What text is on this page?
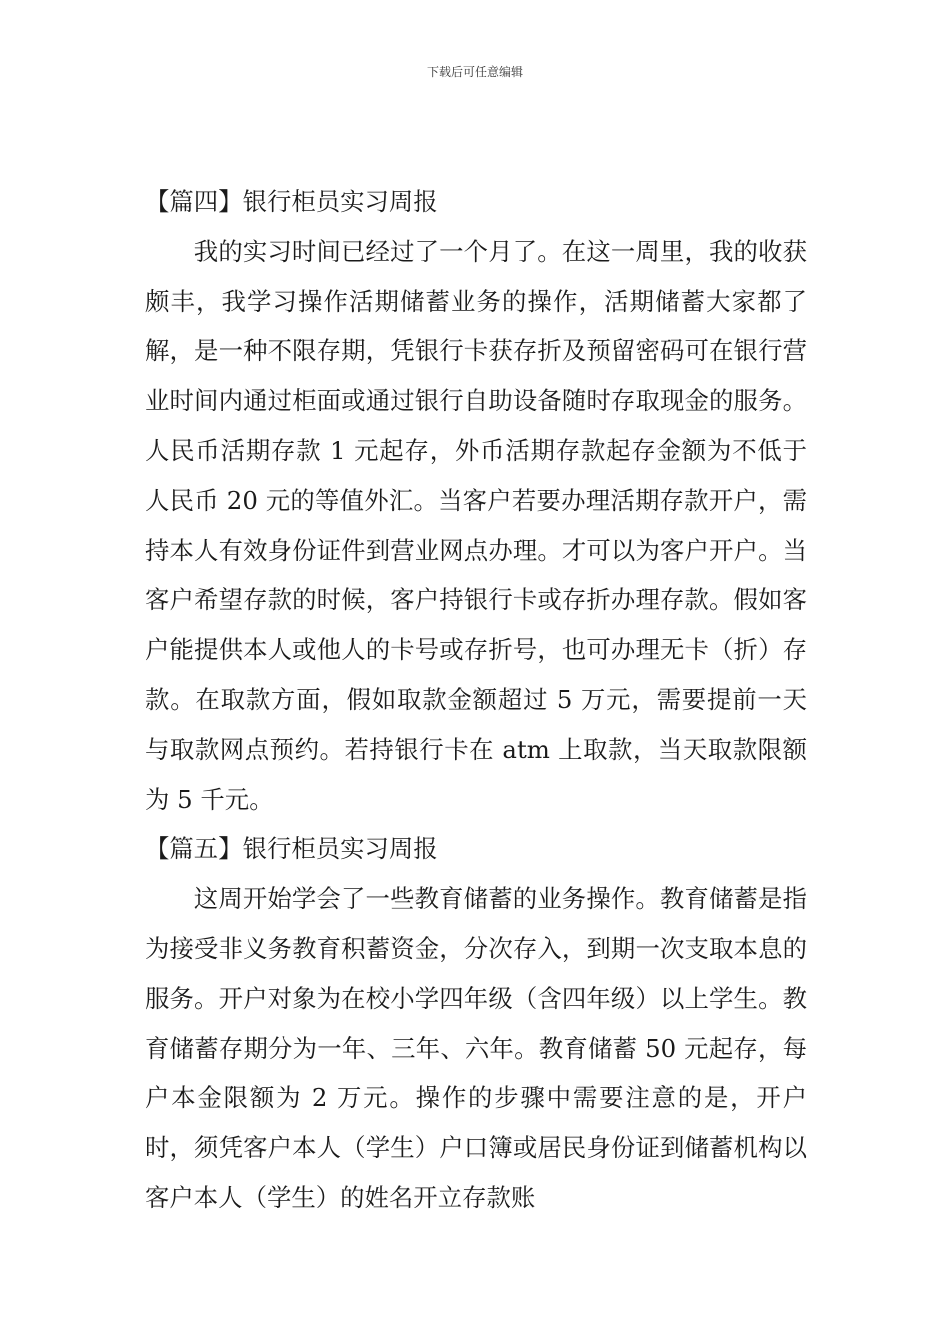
下载后可任意编辑
【篇四】银行柜员实习周报

我的实习时间已经过了一个月了。在这一周里，我的收获颇丰，我学习操作活期储蓄业务的操作，活期储蓄大家都了解，是一种不限存期，凭银行卡获存折及预留密码可在银行营业时间内通过柜面或通过银行自助设备随时存取现金的服务。人民币活期存款 1 元起存，外币活期存款起存金额为不低于人民币 20 元的等值外汇。当客户若要办理活期存款开户，需持本人有效身份证件到营业网点办理。才可以为客户开户。当客户希望存款的时候，客户持银行卡或存折办理存款。假如客户能提供本人或他人的卡号或存折号，也可办理无卡（折）存款。在取款方面，假如取款金额超过 5 万元，需要提前一天与取款网点预约。若持银行卡在 atm 上取款，当天取款限额为 5 千元。

【篇五】银行柜员实习周报

这周开始学会了一些教育储蓄的业务操作。教育储蓄是指为接受非义务教育积蓄资金，分次存入，到期一次支取本息的服务。开户对象为在校小学四年级（含四年级）以上学生。教育储蓄存期分为一年、三年、六年。教育储蓄 50 元起存，每户本金限额为 2 万元。操作的步骤中需要注意的是，开户时，须凭客户本人（学生）户口簿或居民身份证到储蓄机构以客户本人（学生）的姓名开立存款账
